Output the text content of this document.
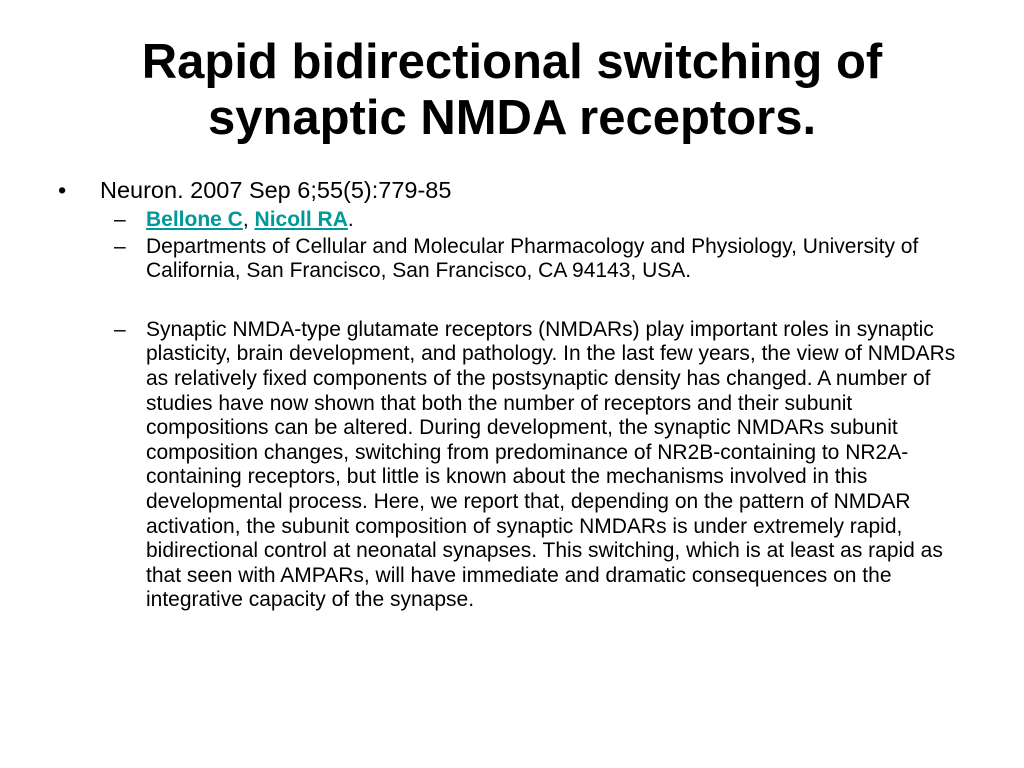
Rapid bidirectional switching of
synaptic NMDA receptors.

• Neuron. 2007 Sep 6;55(5):779-85

– Bellone C, Nicoll RA.

– Departments of Cellular and Molecular Pharmacology and Physiology, University of California, San Francisco, San Francisco, CA 94143, USA.

– Synaptic NMDA-type glutamate receptors (NMDARs) play important roles in synaptic plasticity, brain development, and pathology. In the last few years, the view of NMDARs as relatively fixed components of the postsynaptic density has changed. A number of studies have now shown that both the number of receptors and their subunit compositions can be altered. During development, the synaptic NMDARs subunit composition changes, switching from predominance of NR2B-containing to NR2A-containing receptors, but little is known about the mechanisms involved in this developmental process. Here, we report that, depending on the pattern of NMDAR activation, the subunit composition of synaptic NMDARs is under extremely rapid, bidirectional control at neonatal synapses. This switching, which is at least as rapid as that seen with AMPARs, will have immediate and dramatic consequences on the integrative capacity of the synapse.
